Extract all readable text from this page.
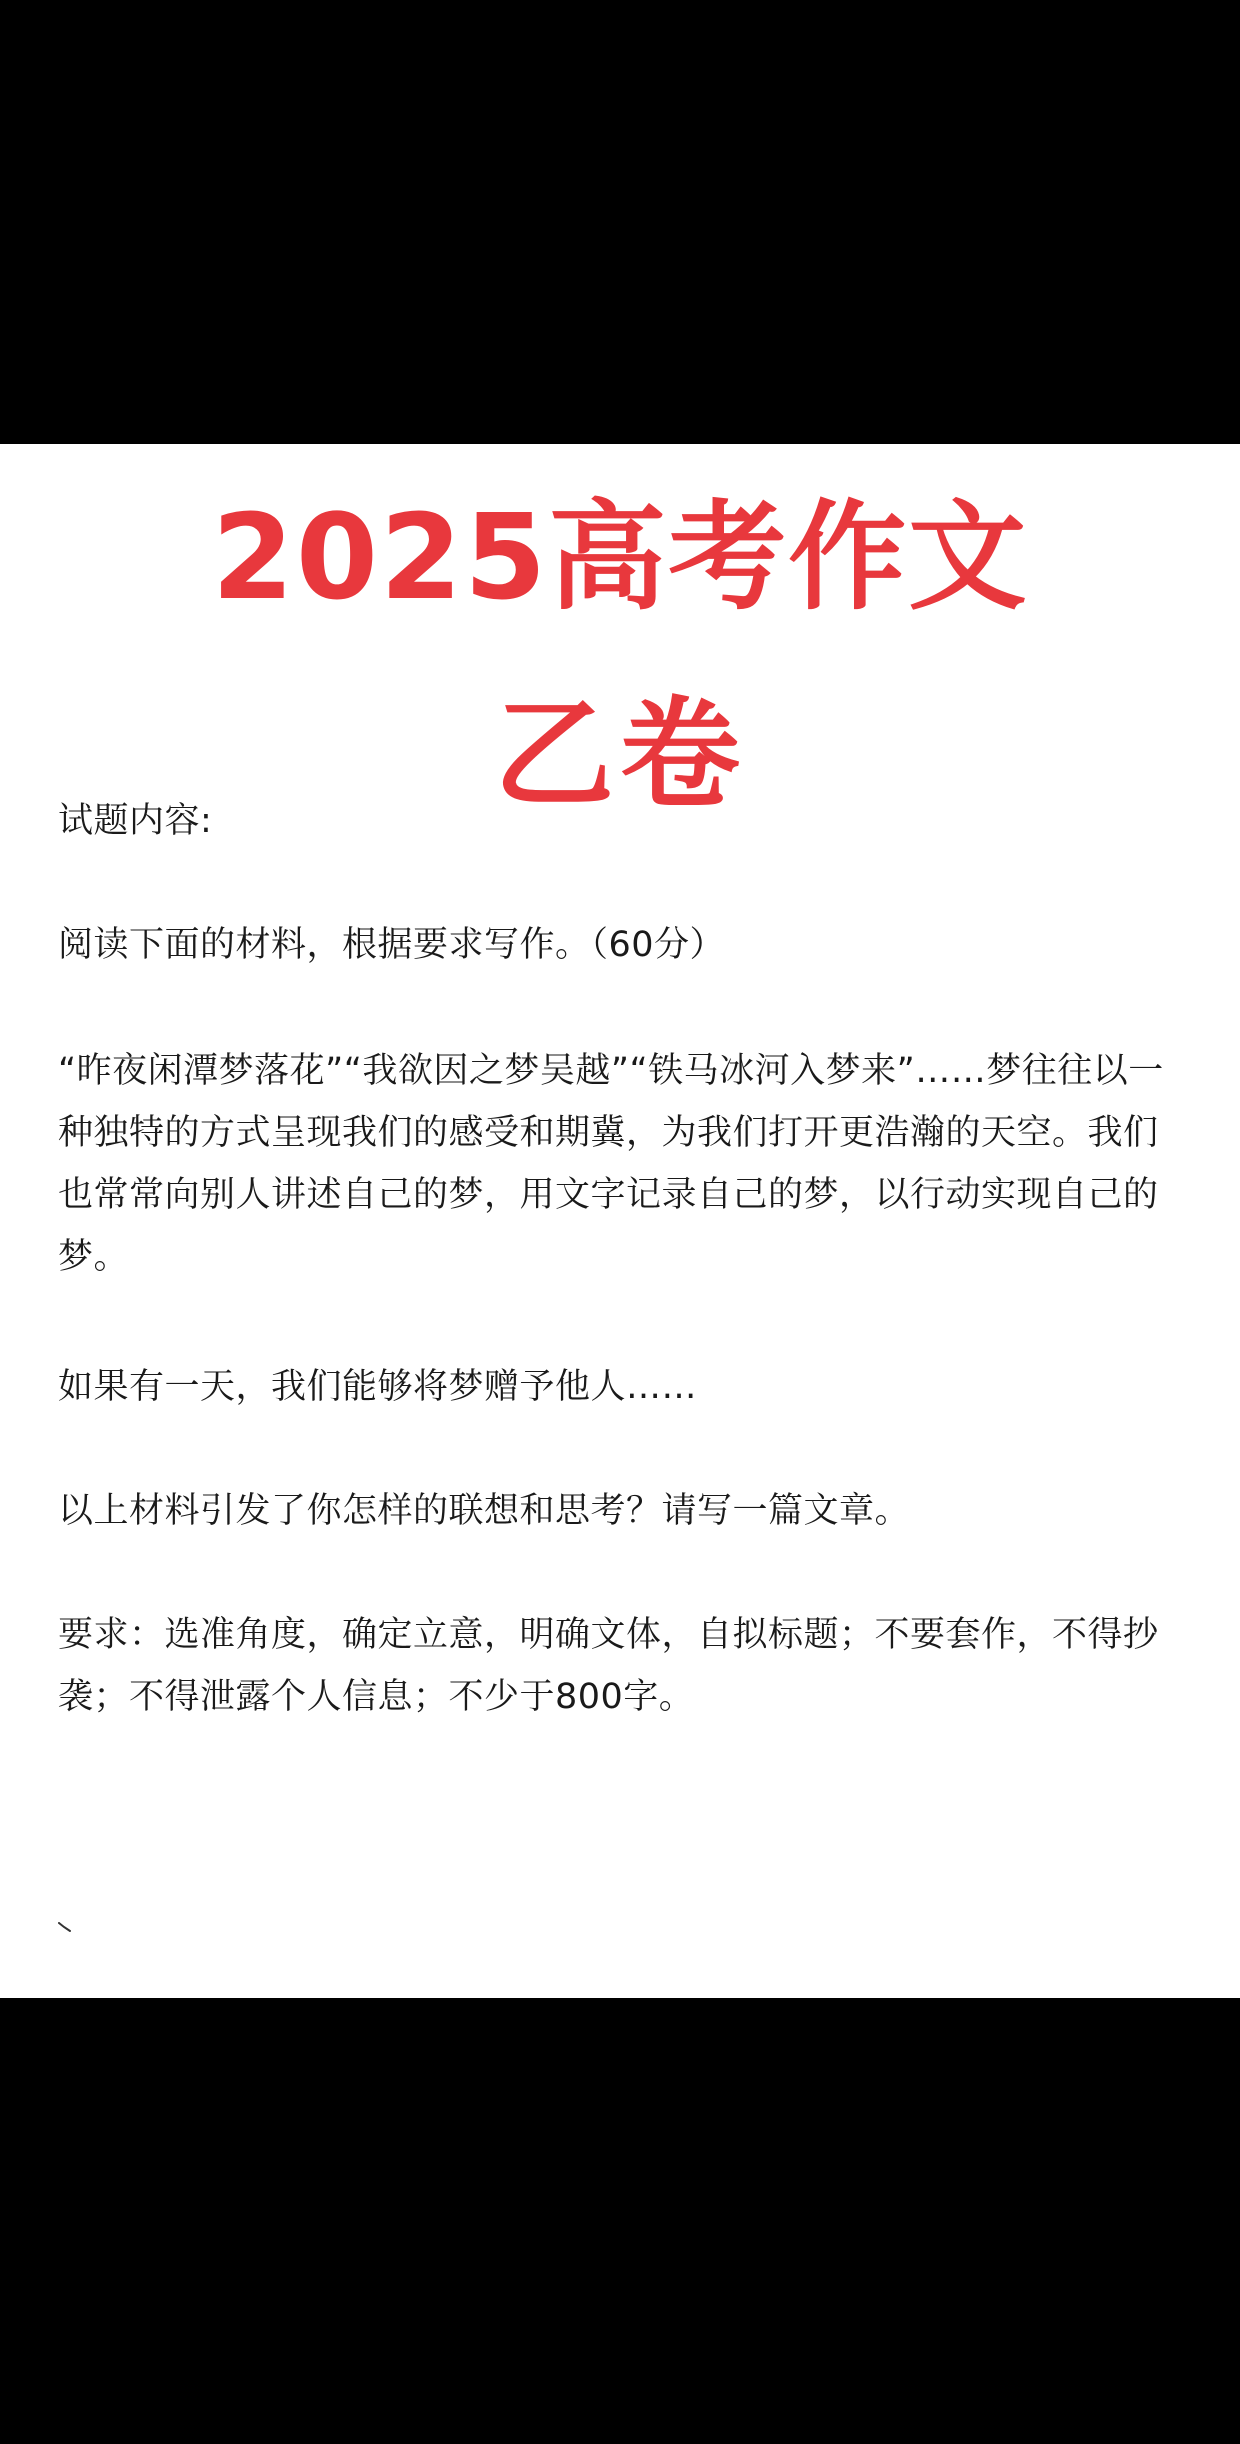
2025高考作文
乙卷

试题内容:

阅读下面的材料，根据要求写作。（60分）

“昨夜闲潭梦落花”“我欲因之梦吴越”“铁马冰河入梦来”……梦往往以一种独特的方式呈现我们的感受和期冀，为我们打开更浩瀚的天空。我们也常常向别人讲述自己的梦，用文字记录自己的梦，以行动实现自己的梦。

如果有一天，我们能够将梦赠予他人……

以上材料引发了你怎样的联想和思考？请写一篇文章。

要求：选准角度，确定立意，明确文体，自拟标题；不要套作，不得抄袭；不得泄露个人信息；不少于800字。
